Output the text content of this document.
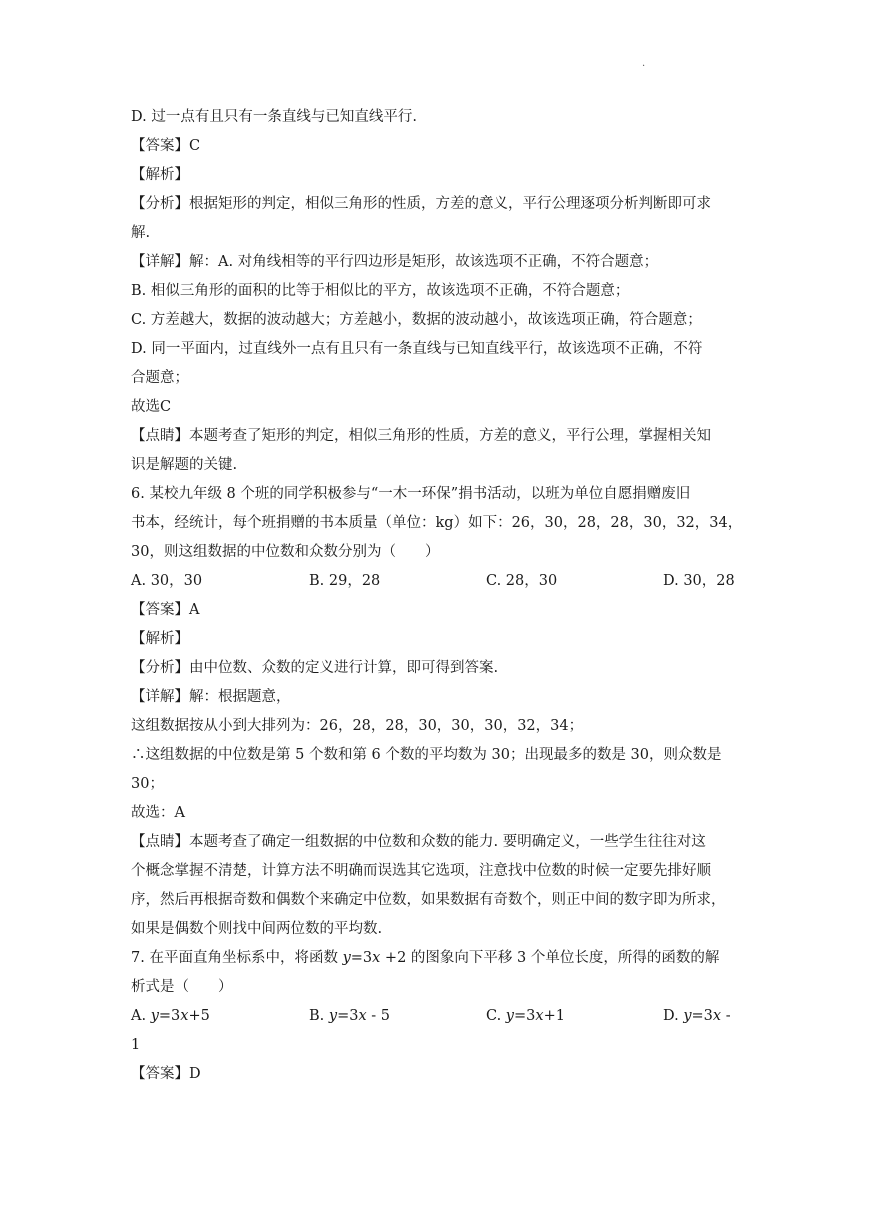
.
D. 过一点有且只有一条直线与已知直线平行.
【答案】C
【解析】
【分析】根据矩形的判定，相似三角形的性质，方差的意义，平行公理逐项分析判断即可求
解.
【详解】解：A. 对角线相等的平行四边形是矩形，故该选项不正确，不符合题意；
B. 相似三角形的面积的比等于相似比的平方，故该选项不正确，不符合题意；
C. 方差越大，数据的波动越大；方差越小，数据的波动越小，故该选项正确，符合题意；
D. 同一平面内，过直线外一点有且只有一条直线与已知直线平行，故该选项不正确，不符
合题意；
故选C
【点睛】本题考查了矩形的判定，相似三角形的性质，方差的意义，平行公理，掌握相关知
识是解题的关键.
6. 某校九年级 8 个班的同学积极参与“一木一环保”捐书活动，以班为单位自愿捐赠废旧
书本，经统计，每个班捐赠的书本质量（单位：kg）如下：26，30，28，28，30，32，34，
30，则这组数据的中位数和众数分别为（　　）
A. 30，30	B. 29，28	C. 28，30	D. 30，28
【答案】A
【解析】
【分析】由中位数、众数的定义进行计算，即可得到答案.
【详解】解：根据题意，
这组数据按从小到大排列为：26，28，28，30，30，30，32，34；
∴这组数据的中位数是第 5 个数和第 6 个数的平均数为 30；出现最多的数是 30，则众数是
30；
故选：A
【点睛】本题考查了确定一组数据的中位数和众数的能力. 要明确定义，一些学生往往对这
个概念掌握不清楚，计算方法不明确而误选其它选项，注意找中位数的时候一定要先排好顺
序，然后再根据奇数和偶数个来确定中位数，如果数据有奇数个，则正中间的数字即为所求，
如果是偶数个则找中间两位数的平均数.
7. 在平面直角坐标系中，将函数 y=3x +2 的图象向下平移 3 个单位长度，所得的函数的解
析式是（　　）
A. y=3x+5	B. y=3x - 5	C. y=3x+1	D. y=3x -
1
【答案】D
